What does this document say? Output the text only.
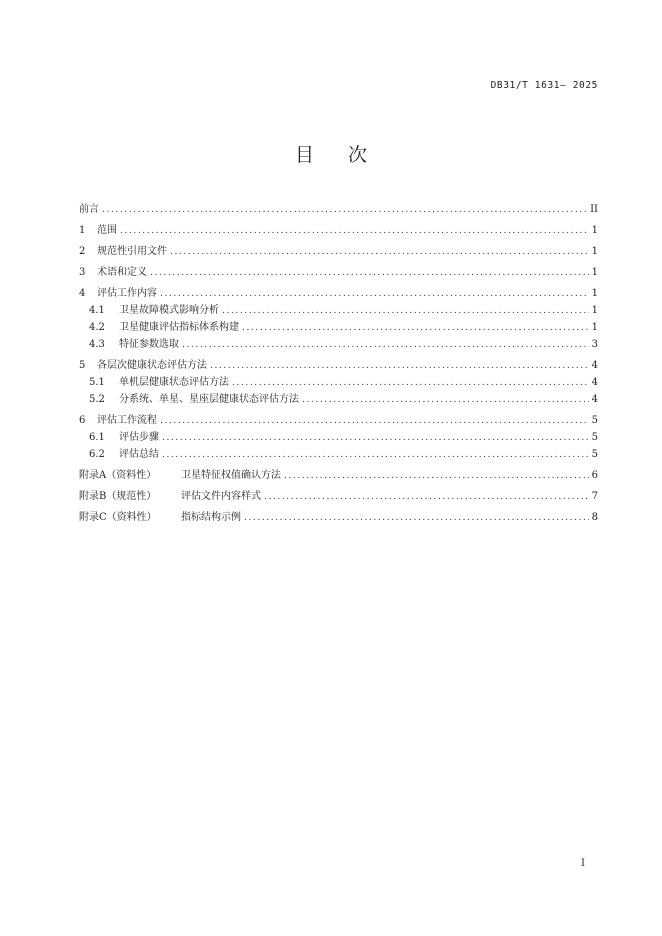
DB31/T 1631— 2025
目次
前言 .....	II
1	范围 .....	1
2	规范性引用文件 .....	1
3	术语和定义 .....	1
4	评估工作内容 .....	1
4.1	卫星故障模式影响分析 .....	1
4.2	卫星健康评估指标体系构建 .....	1
4.3	特征参数选取 .....	3
5	各层次健康状态评估方法 .....	4
5.1	单机层健康状态评估方法 .....	4
5.2	分系统、单星、星座层健康状态评估方法 .....	4
6	评估工作流程 .....	5
6.1	评估步骤 .....	5
6.2	评估总结 .....	5
附录A（资料性）	卫星特征权值确认方法 .....	6
附录B（规范性）	评估文件内容样式 .....	7
附录C（资料性）	指标结构示例 .....	8
I
